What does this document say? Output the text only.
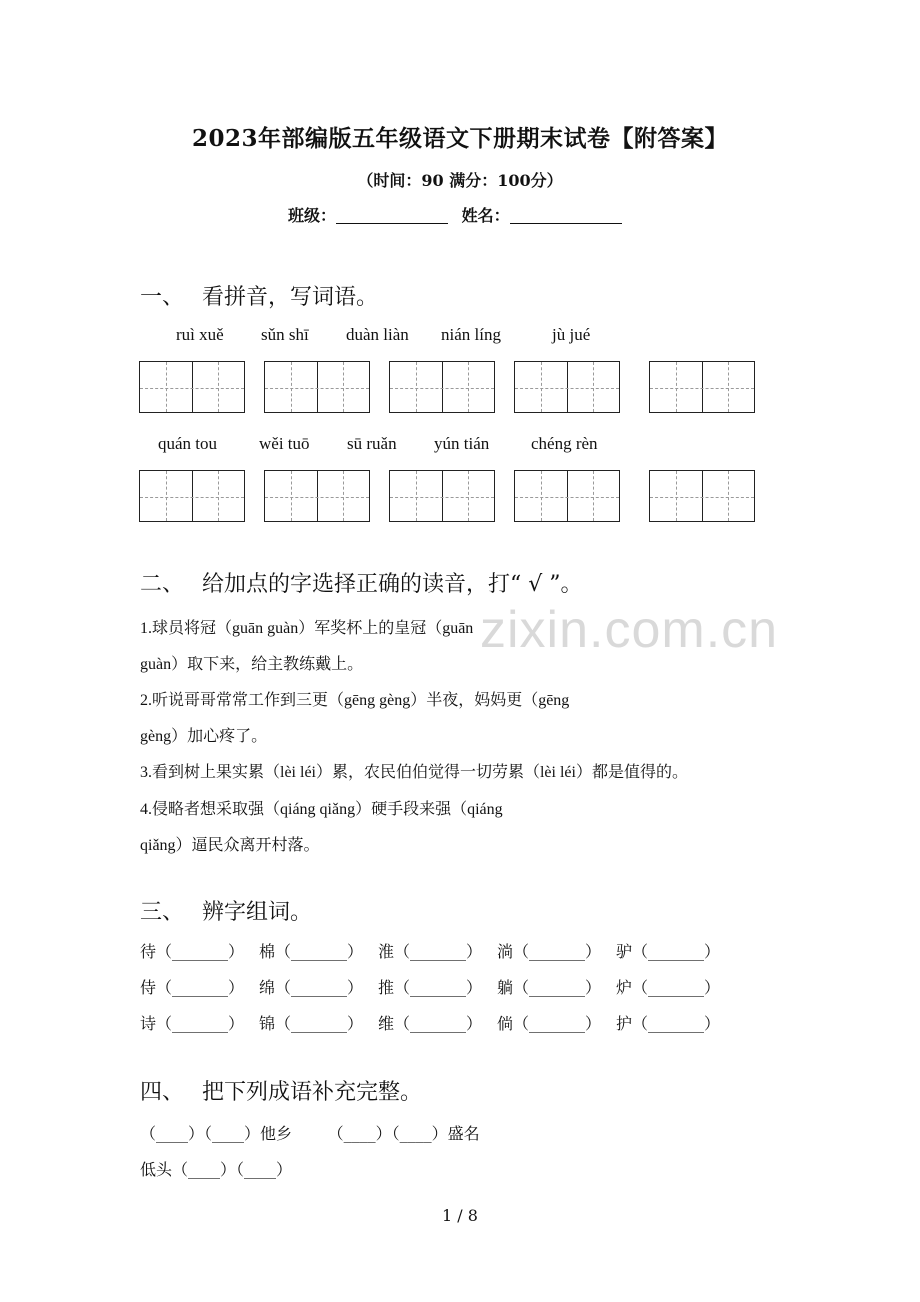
2023年部编版五年级语文下册期末试卷【附答案】
（时间：90 满分：100分）
班级：	姓名：
zixin.com.cn
一、 看拼音，写词语。
ruì xuě sǔn shī duàn liàn nián líng	jù jué
quán tou wěi tuō sū ruǎn yún tián chéng rèn
二、 给加点的字选择正确的读音，打“ √ ”。
1.球员将冠（guān guàn）军奖杯上的皇冠（guān
guàn）取下来，给主教练戴上。
2.听说哥哥常常工作到三更（gēng gèng）半夜，妈妈更（gēng
gèng）加心疼了。
3.看到树上果实累（lèi léi）累，农民伯伯觉得一切劳累（lèi léi）都是值得的。
4.侵略者想采取强（qiáng qiǎng）硬手段来强（qiáng
qiǎng）逼民众离开村落。
三、 辨字组词。
待（_______） 棉（_______） 淮（_______） 淌（_______） 驴（_______）
侍（_______） 绵（_______） 推（_______） 躺（_______） 炉（_______）
诗（_______） 锦（_______） 维（_______） 倘（_______） 护（_______）
四、 把下列成语补充完整。
（____）（____）他乡       （____）（____）盛名
低头（____）（____）
1 / 8
